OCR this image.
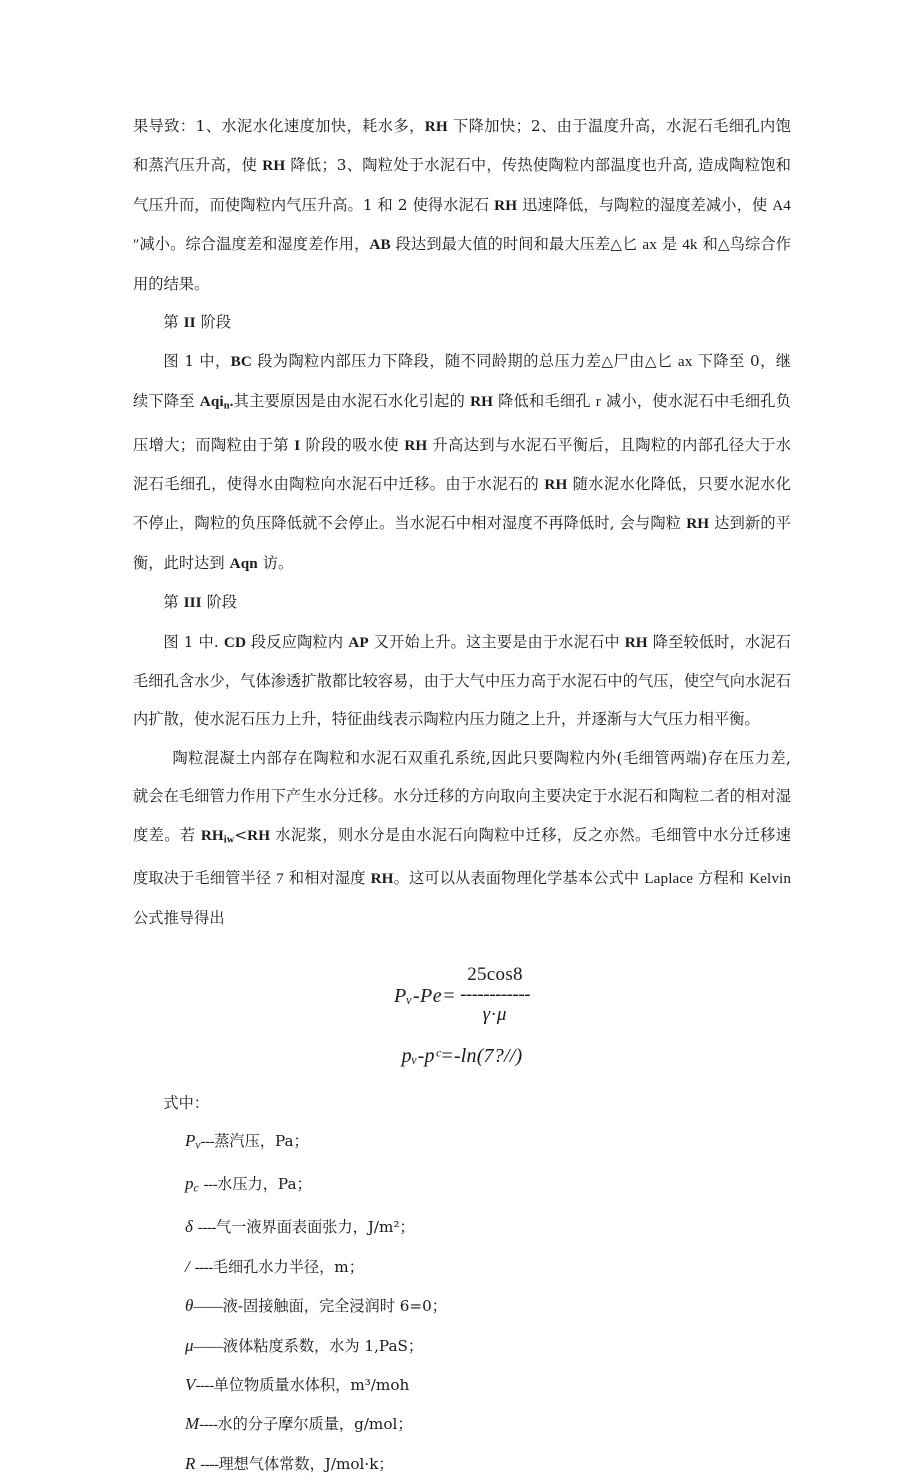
果导致：1、水泥水化速度加快，耗水多，RH 下降加快；2、由于温度升高，水泥石毛细孔内饱和蒸汽压升高，使 RH 降低；3、陶粒处于水泥石中，传热使陶粒内部温度也升高, 造成陶粒饱和气压升而，而使陶粒内气压升高。1 和 2 使得水泥石 RH 迅速降低，与陶粒的湿度差减小，使 A4 ″减小。综合温度差和湿度差作用，AB 段达到最大值的时间和最大压差△匕 ax 是 4k 和△鸟综合作用的结果。

第 II 阶段

图 1 中，BC 段为陶粒内部压力下降段，随不同龄期的总压力差△尸由△匕 ax 下降至 0，继续下降至 Aqi$_n$.其主要原因是由水泥石水化引起的 RH 降低和毛细孔 r 减小，使水泥石中毛细孔负压增大；而陶粒由于第 I 阶段的吸水使 RH 升高达到与水泥石平衡后，且陶粒的内部孔径大于水泥石毛细孔，使得水由陶粒向水泥石中迁移。由于水泥石的 RH 随水泥水化降低，只要水泥水化不停止，陶粒的负压降低就不会停止。当水泥石中相对湿度不再降低时, 会与陶粒 RH 达到新的平衡，此时达到 Aqn 访。

第 III 阶段

图 1 中. CD 段反应陶粒内 AP 又开始上升。这主要是由于水泥石中 RH 降至较低时，水泥石毛细孔含水少，气体渗透扩散都比较容易，由于大气中压力高于水泥石中的气压，使空气向水泥石内扩散，使水泥石压力上升，特征曲线表示陶粒内压力随之上升，并逐渐与大气压力相平衡。

陶粒混凝土内部存在陶粒和水泥石双重孔系统,因此只要陶粒内外(毛细管两端)存在压力差, 就会在毛细管力作用下产生水分迁移。水分迁移的方向取向主要决定于水泥石和陶粒二者的相对湿度差。若 $RH_{iw}<RH$ 水泥浆，则水分是由水泥石向陶粒中迁移，反之亦然。毛细管中水分迁移速度取决于毛细管半径 7 和相对湿度 RH。这可以从表面物理化学基本公式中 Laplace 方程和 Kelvin 公式推导得出

Pᵥ-Pe=
25cos8
------------
γ·μ
pᵥ-pᶜ=-ln(7?//)

式中：

$P_v---$蒸汽压，Pa；
$p_c$ ---水压力，Pa；
δ ----气一液界面表面张力，J/m²；
/ ----毛细孔水力半径，m；
θ——液-固接触面，完全浸润时 6=0；
μ——液体粘度系数，水为 1,PaS；
V----单位物质量水体积，m³/moh
M----水的分子摩尔质量，g/mol；
R ----理想气体常数，J/mol·k；
